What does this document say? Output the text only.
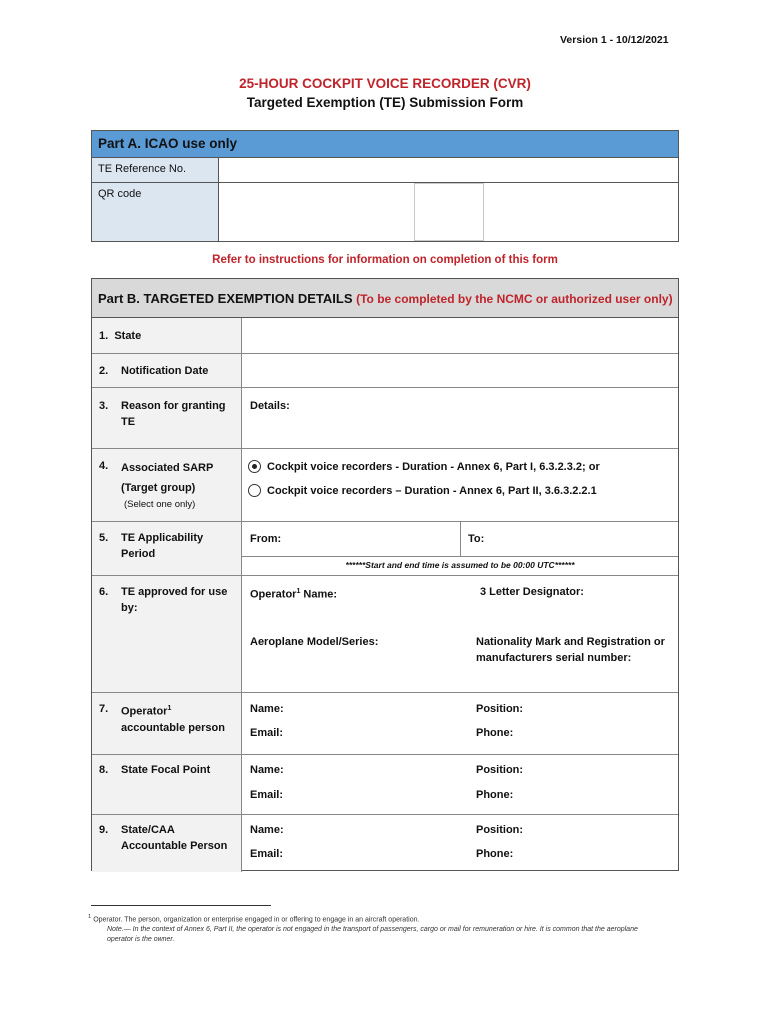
Version 1 - 10/12/2021
25-HOUR COCKPIT VOICE RECORDER (CVR)
Targeted Exemption (TE) Submission Form
Part A. ICAO use only
TE Reference No.
QR code
Refer to instructions for information on completion of this form
Part B. TARGETED EXEMPTION DETAILS (To be completed by the NCMC or authorized user only)
1. State
2. Notification Date
3. Reason for granting
TE
Details:
4. Associated SARP
(Target group)
(Select one only)
Cockpit voice recorders - Duration - Annex 6, Part I, 6.3.2.3.2; or
Cockpit voice recorders – Duration - Annex 6, Part II, 3.6.3.2.2.1
5. TE Applicability
Period
From:	To:
******Start and end time is assumed to be 00:00 UTC******
6. TE approved for use
by:
Operator$^1$ Name:	3 Letter Designator:
Aeroplane Model/Series:	Nationality Mark and Registration or
manufacturers serial number:
7. Operator$^1$
accountable person
Name:	Position:
Email:	Phone:
8. State Focal Point	Name:	Position:
Email:	Phone:
9. State/CAA
Accountable Person
Name:	Position:
Email:	Phone:
$^1$ Operator. The person, organization or enterprise engaged in or offering to engage in an aircraft operation.
Note.— In the context of Annex 6, Part II, the operator is not engaged in the transport of passengers, cargo or mail for remuneration or hire. It is common that the aeroplane
operator is the owner.
